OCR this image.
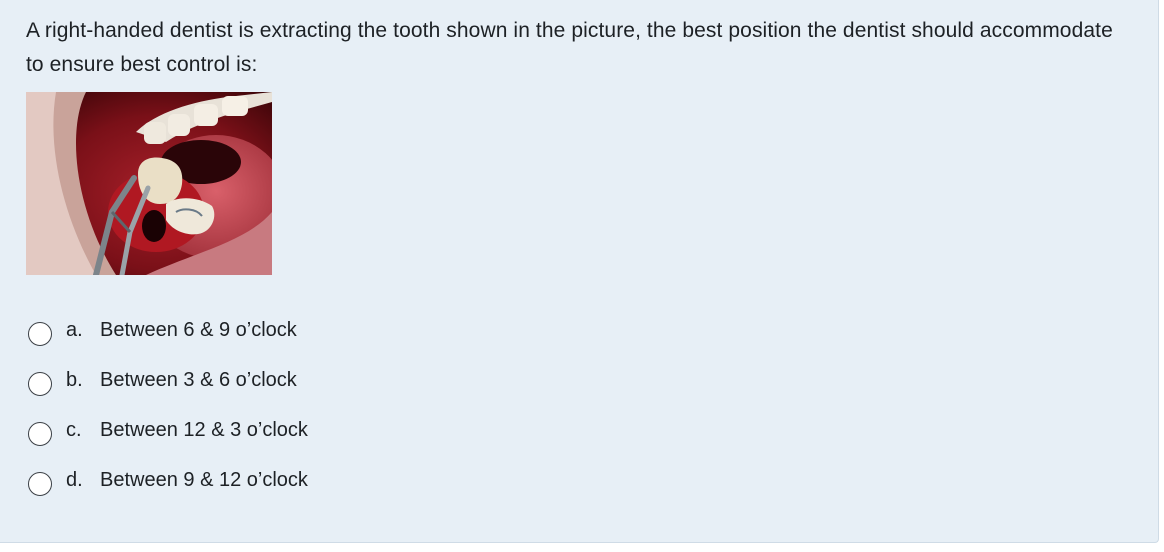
A right-handed dentist is extracting the tooth shown in the picture, the best position the dentist should accommodate to ensure best control is:
a. Between 6 & 9 o’clock
b. Between 3 & 6 o’clock
c. Between 12 & 3 o’clock
d. Between 9 & 12 o’clock
